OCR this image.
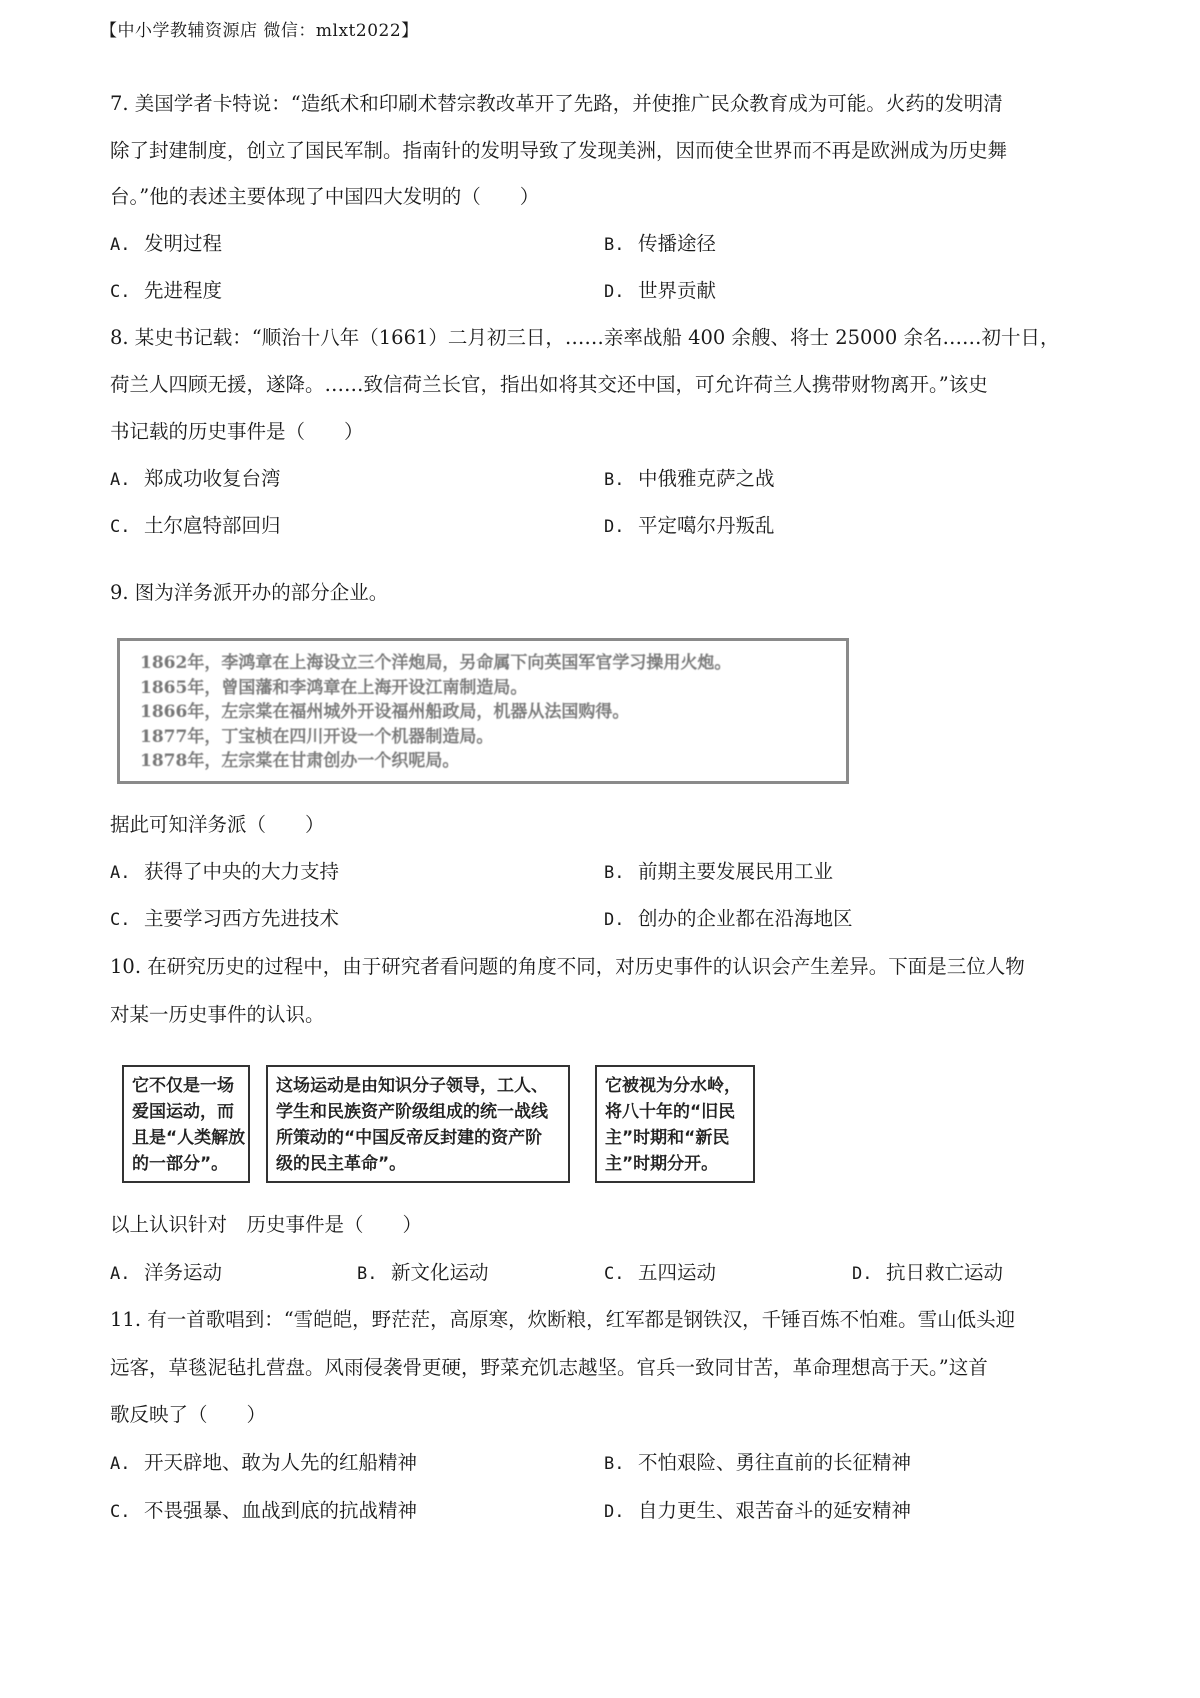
【中小学教辅资源店 微信：mlxt2022】
7. 美国学者卡特说：“造纸术和印刷术替宗教改革开了先路，并使推广民众教育成为可能。火药的发明清
除了封建制度，创立了国民军制。指南针的发明导致了发现美洲，因而使全世界而不再是欧洲成为历史舞
台。”他的表述主要体现了中国四大发明的（　　）
A. 发明过程	B. 传播途径
C. 先进程度	D. 世界贡献
8. 某史书记载：“顺治十八年（1661）二月初三日，……亲率战船 400 余艘、将士 25000 余名……初十日，
荷兰人四顾无援，遂降。……致信荷兰长官，指出如将其交还中国，可允许荷兰人携带财物离开。”该史
书记载的历史事件是（　　）
A. 郑成功收复台湾	B. 中俄雅克萨之战
C. 土尔扈特部回归	D. 平定噶尔丹叛乱
9. 图为洋务派开办的部分企业。
1862年，李鸿章在上海设立三个洋炮局，另命属下向英国军官学习操用火炮。
1865年，曾国藩和李鸿章在上海开设江南制造局。
1866年，左宗棠在福州城外开设福州船政局，机器从法国购得。
1877年，丁宝桢在四川开设一个机器制造局。
1878年，左宗棠在甘肃创办一个织呢局。
据此可知洋务派（　　）
A. 获得了中央的大力支持	B. 前期主要发展民用工业
C. 主要学习西方先进技术	D. 创办的企业都在沿海地区
10. 在研究历史的过程中，由于研究者看问题的角度不同，对历史事件的认识会产生差异。下面是三位人物
对某一历史事件的认识。
它不仅是一场
爱国运动，而
且是“人类解放
的一部分”。
这场运动是由知识分子领导，工人、
学生和民族资产阶级组成的统一战线
所策动的“中国反帝反封建的资产阶
级的民主革命”。
它被视为分水岭，
将八十年的“旧民
主”时期和“新民
主”时期分开。
以上认识针对　历史事件是（　　）
A. 洋务运动	B. 新文化运动	C. 五四运动	D. 抗日救亡运动
11. 有一首歌唱到：“雪皑皑，野茫茫，高原寒，炊断粮，红军都是钢铁汉，千锤百炼不怕难。雪山低头迎
远客，草毯泥毡扎营盘。风雨侵袭骨更硬，野菜充饥志越坚。官兵一致同甘苦，革命理想高于天。”这首
歌反映了（　　）
A. 开天辟地、敢为人先的红船精神	B. 不怕艰险、勇往直前的长征精神
C. 不畏强暴、血战到底的抗战精神	D. 自力更生、艰苦奋斗的延安精神
